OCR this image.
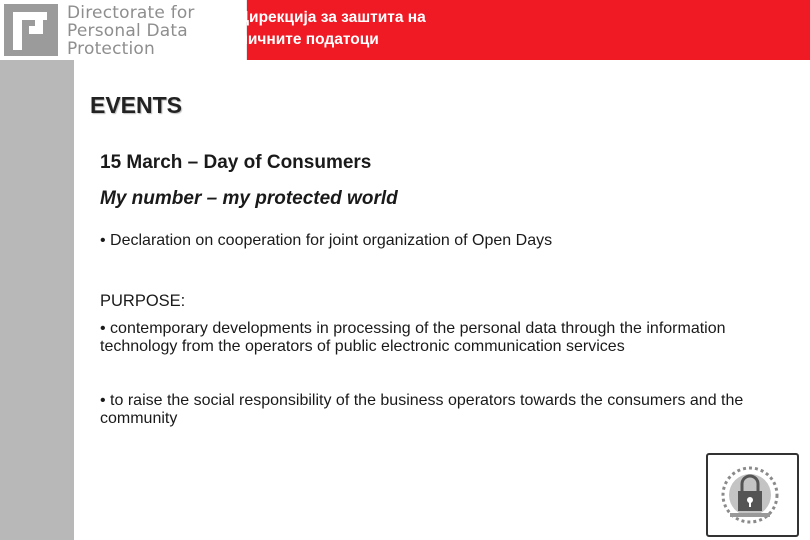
Directorate for
Personal Data
Protection
Дирекција за заштита на
личните податоци
EVENTS
15 March – Day of Consumers
My number – my protected world
• Declaration on cooperation for joint organization of Open Days
PURPOSE:
• contemporary developments in processing of the personal data through the information technology from the operators of public electronic communication services
• to raise the social responsibility of the business operators towards the consumers and the community
